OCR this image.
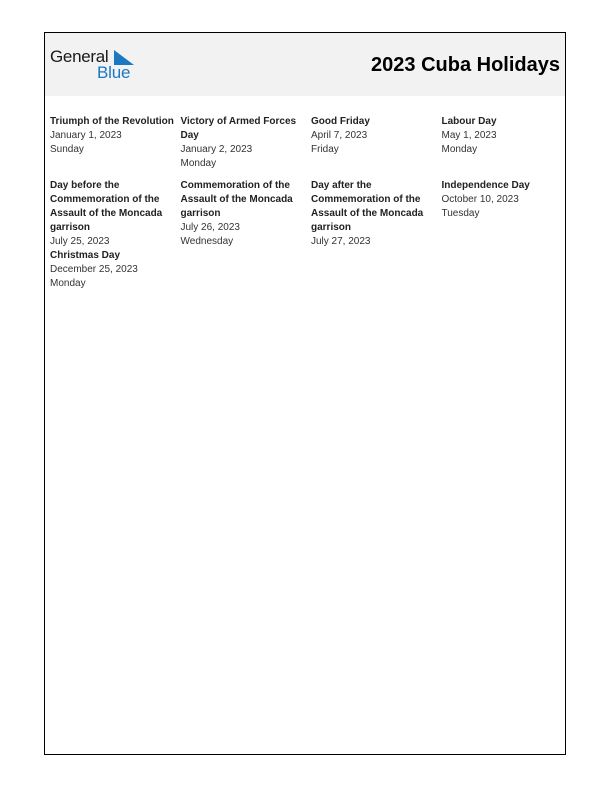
General
Blue	2023 Cuba Holidays
Triumph of the Revolution
January 1, 2023
Sunday
Victory of Armed Forces Day
January 2, 2023
Monday
Good Friday
April 7, 2023
Friday
Labour Day
May 1, 2023
Monday
Day before the Commemoration of the Assault of the Moncada garrison
July 25, 2023
Commemoration of the Assault of the Moncada garrison
July 26, 2023
Wednesday
Day after the Commemoration of the Assault of the Moncada garrison
July 27, 2023
Independence Day
October 10, 2023
Tuesday
Christmas Day
December 25, 2023
Monday
